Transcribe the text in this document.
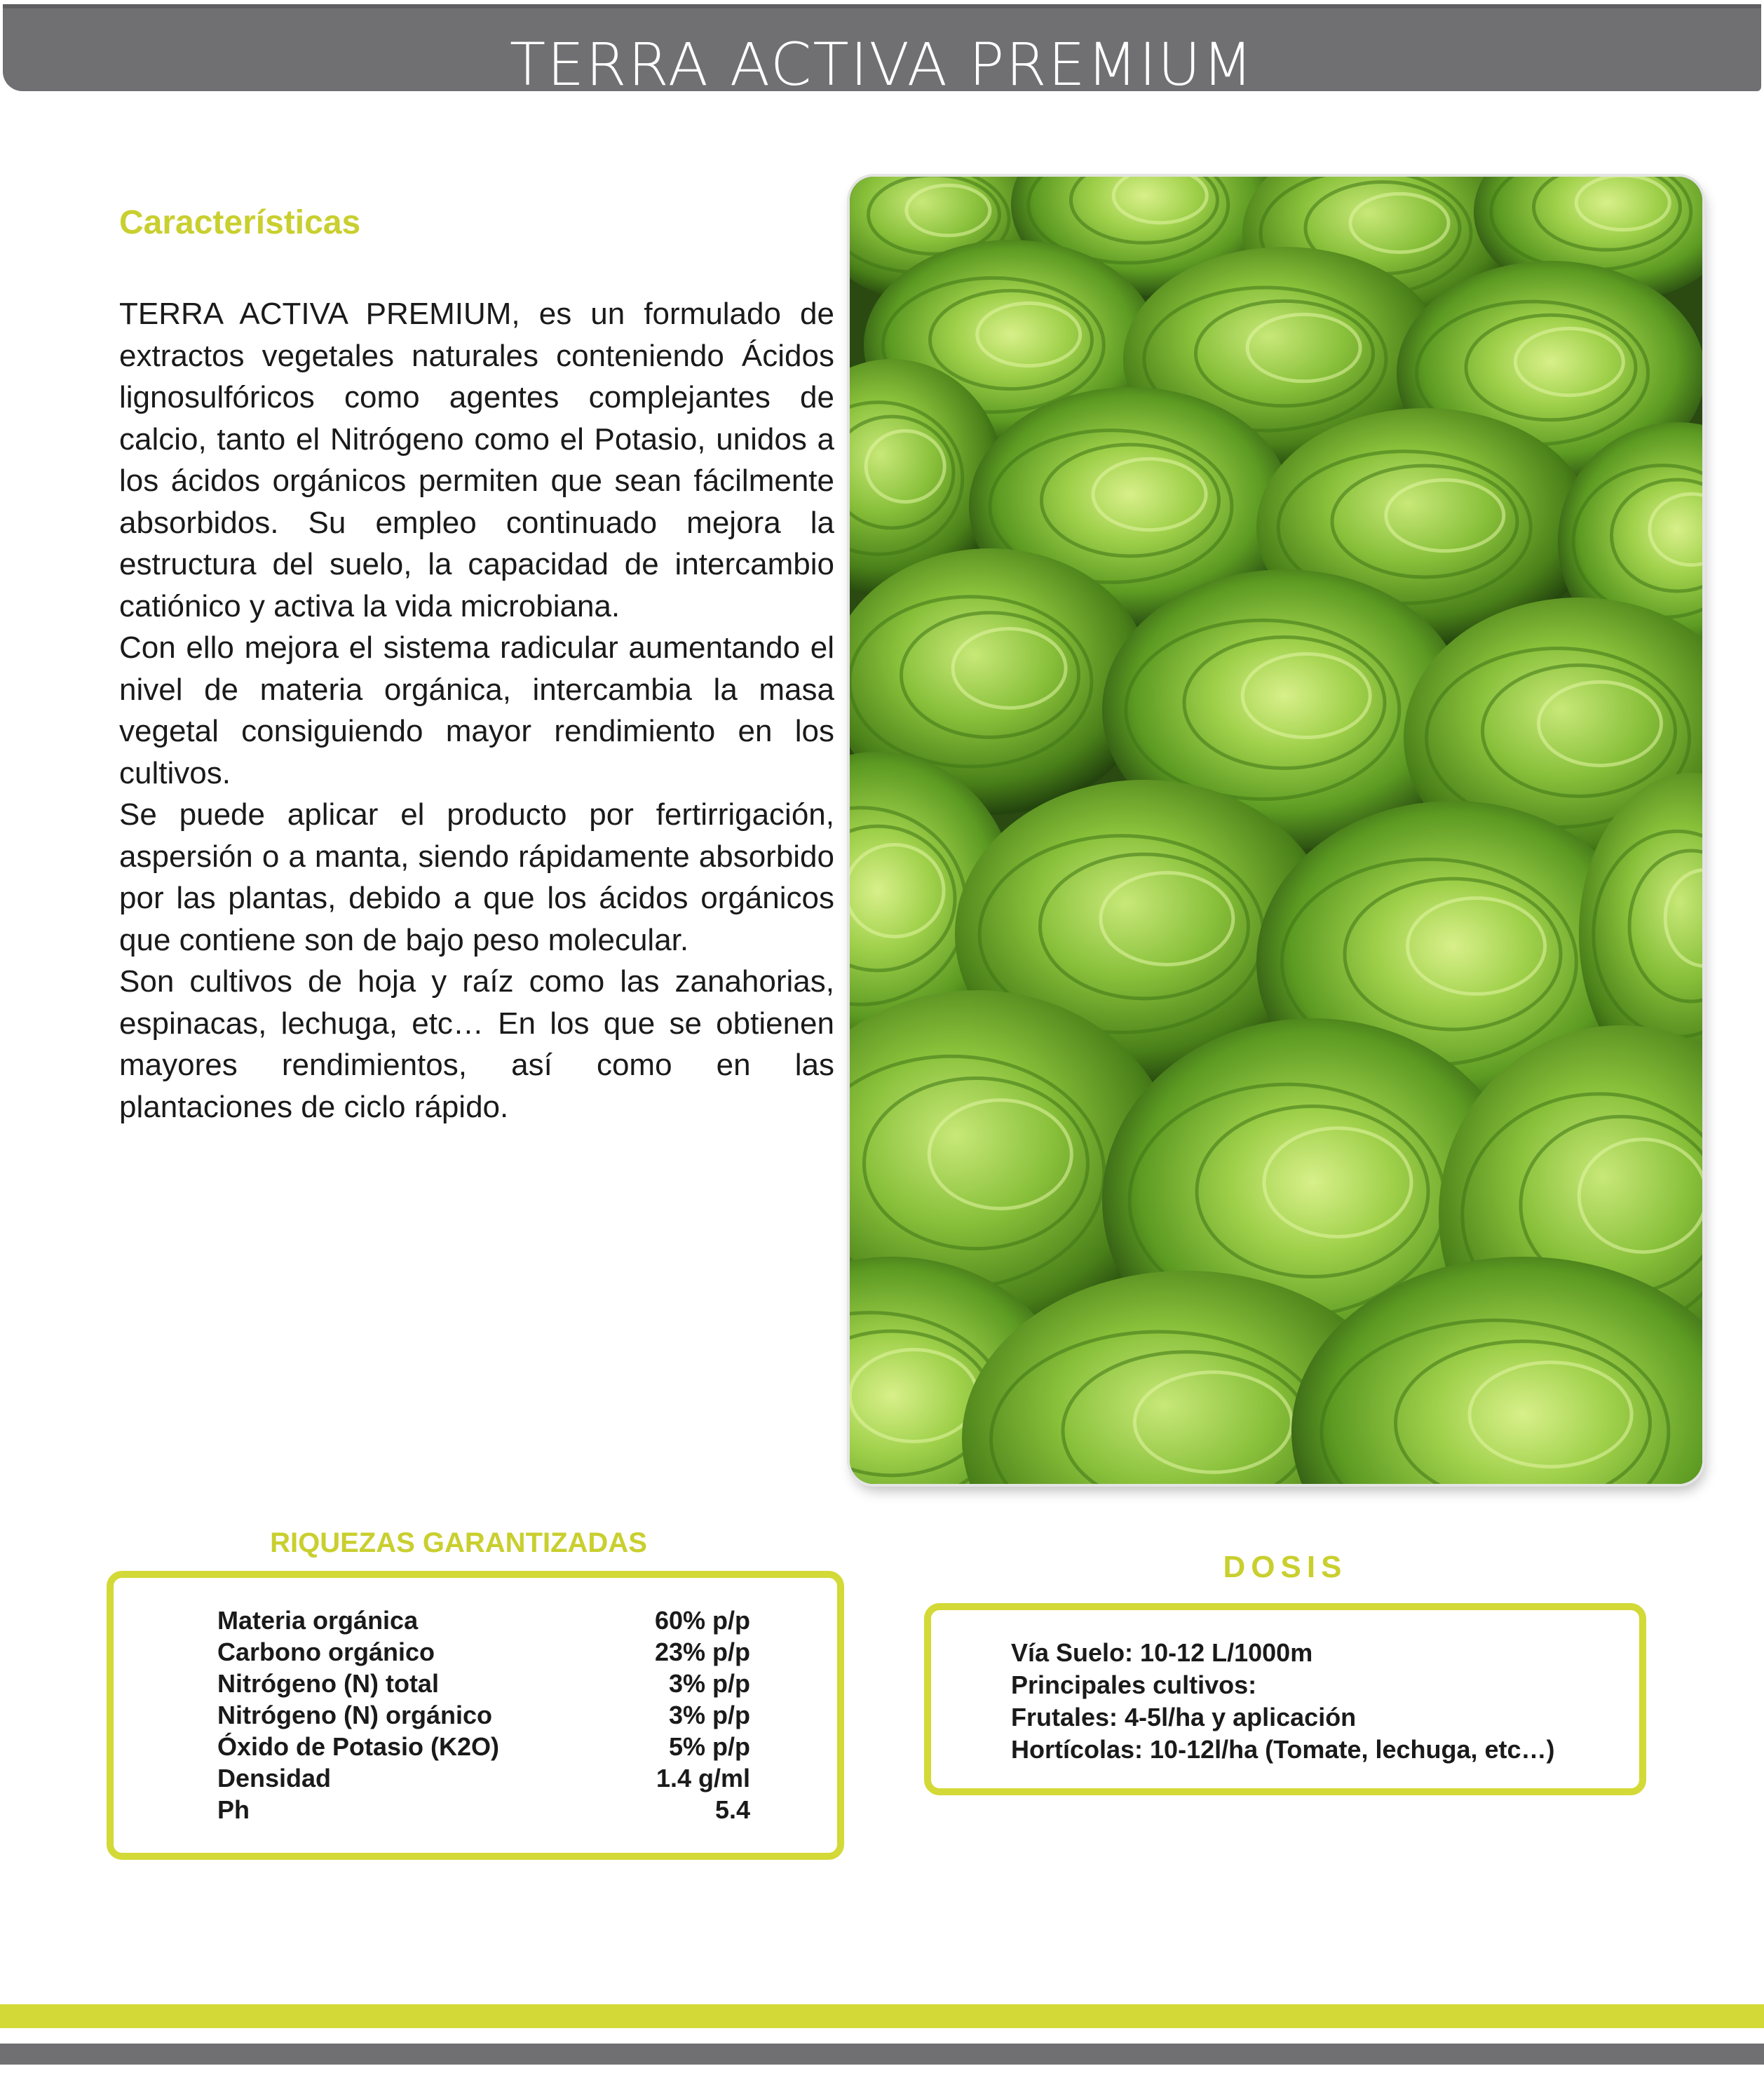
TERRA ACTIVA PREMIUM
Características

TERRA ACTIVA PREMIUM, es un formulado de extractos vegetales naturales conteniendo Ácidos lignosulfóricos como agentes complejantes de calcio, tanto el Nitrógeno como el Potasio, unidos a los ácidos orgánicos permiten que sean fácilmente absorbidos. Su empleo continuado mejora la estructura del suelo, la capacidad de intercambio catiónico y activa la vida microbiana.

Con ello mejora el sistema radicular aumentando el nivel de materia orgánica, intercambia la masa vegetal consiguiendo mayor rendimiento en los cultivos.

Se puede aplicar el producto por fertirrigación, aspersión o a manta, siendo rápidamente absorbido por las plantas, debido a que los ácidos orgánicos que contiene son de bajo peso molecular.

Son cultivos de hoja y raíz como las zanahorias, espinacas, lechuga, etc… En los que se obtienen mayores rendimientos, así como en las plantaciones de ciclo rápido.

RIQUEZAS GARANTIZADAS
Materia orgánica	60% p/p
Carbono orgánico	23% p/p
Nitrógeno (N) total	3% p/p
Nitrógeno (N) orgánico	3% p/p
Óxido de Potasio (K2O)	5% p/p
Densidad	1.4 g/ml
Ph	5.4
DOSIS
Vía Suelo: 10-12 L/1000m
Principales cultivos:
Frutales: 4-5l/ha y aplicación
Hortícolas: 10-12l/ha (Tomate, lechuga, etc…)
